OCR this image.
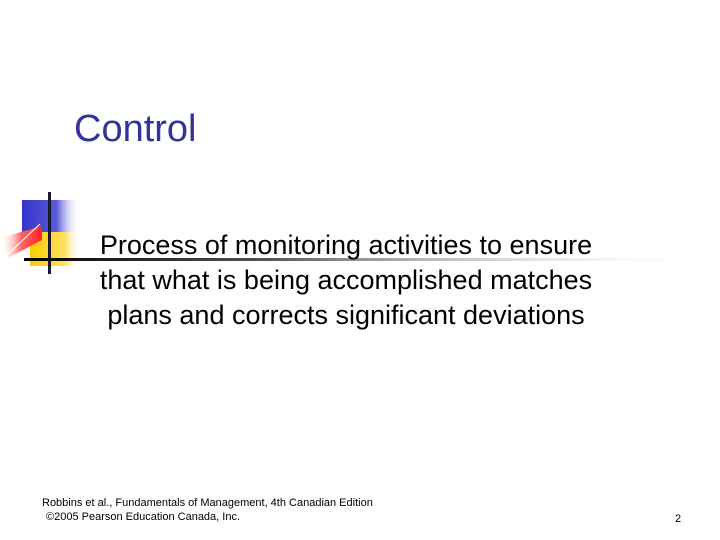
Control

Process of monitoring activities to ensure that what is being accomplished matches plans and corrects significant deviations

Robbins et al., Fundamentals of Management, 4th Canadian Edition
©2005 Pearson Education Canada, Inc.	2
